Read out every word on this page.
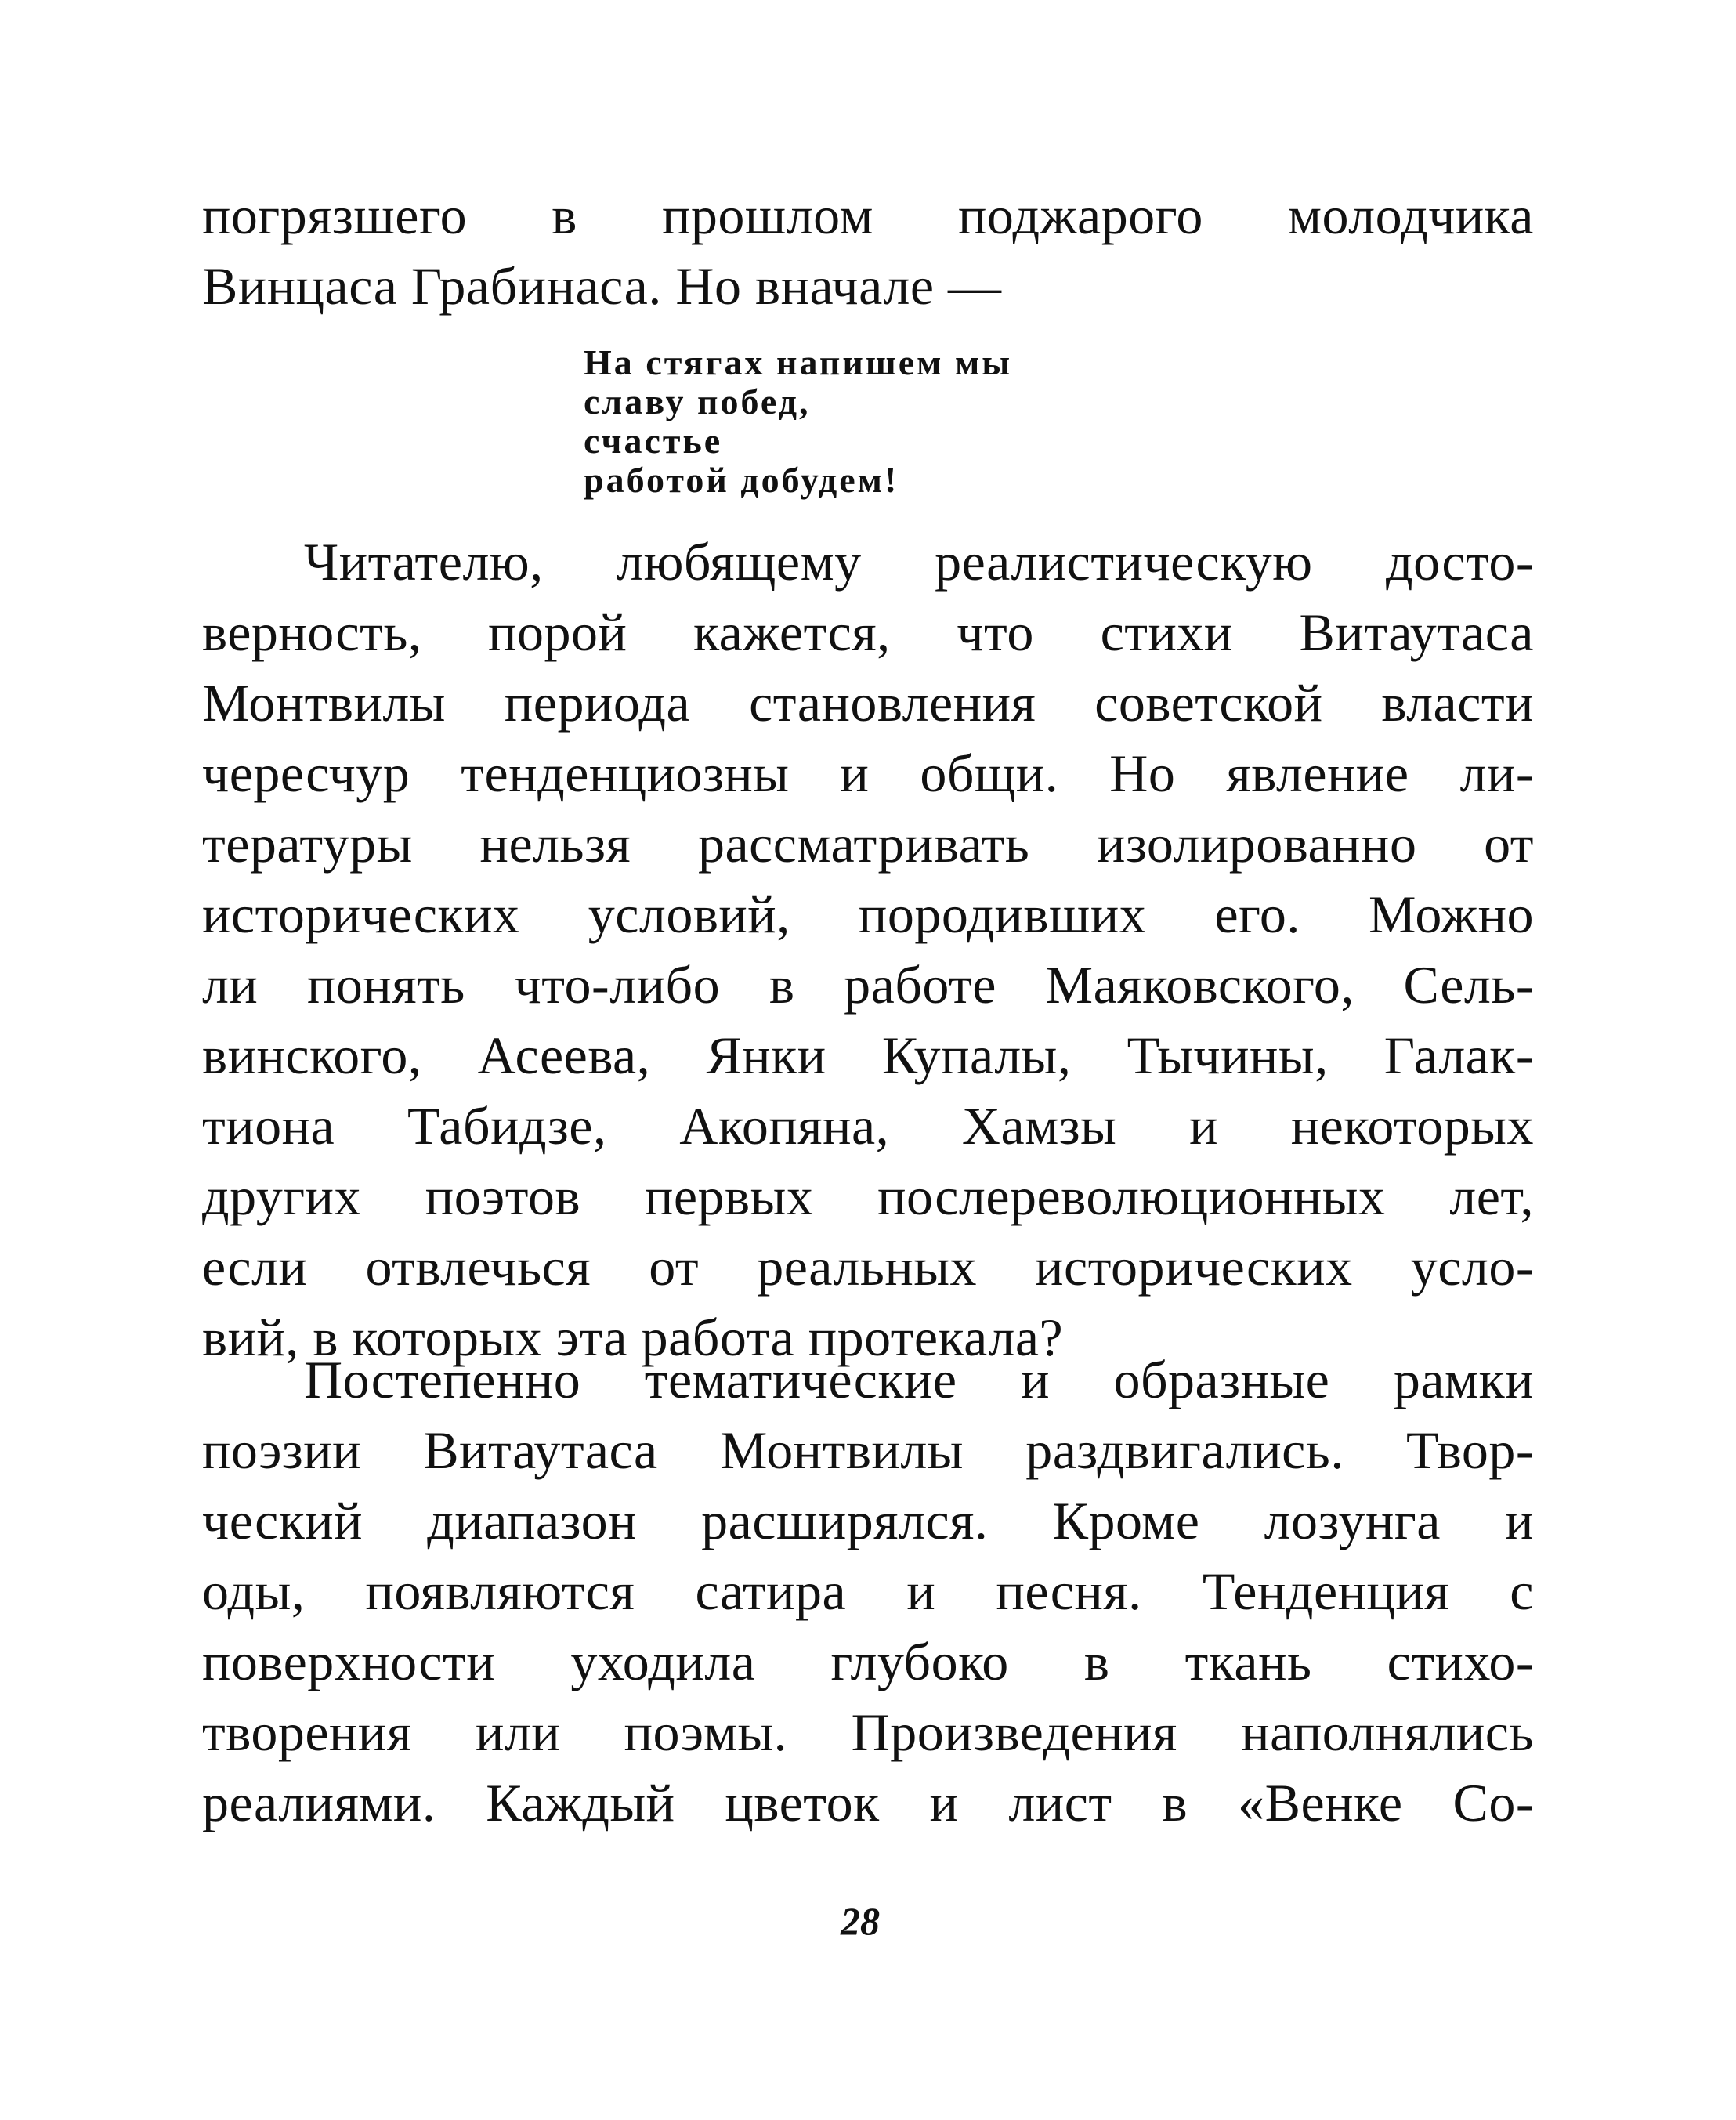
погрязшего в прошлом поджарого молодчика
Винцаса Грабинаса. Но вначале —
На стягах напишем мы
славу побед,
счастье
работой добудем!
Читателю, любящему реалистическую досто-
верность, порой кажется, что стихи Витаутаса
Монтвилы периода становления советской власти
чересчур тенденциозны и общи. Но явление ли-
тературы нельзя рассматривать изолированно от
исторических условий, породивших его. Можно
ли понять что-либо в работе Маяковского, Сель-
винского, Асеева, Янки Купалы, Тычины, Галак-
тиона Табидзе, Акопяна, Хамзы и некоторых
других поэтов первых послереволюционных лет,
если отвлечься от реальных исторических усло-
вий, в которых эта работа протекала?
Постепенно тематические и образные рамки
поэзии Витаутаса Монтвилы раздвигались. Твор-
ческий диапазон расширялся. Кроме лозунга и
оды, появляются сатира и песня. Тенденция с
поверхности уходила глубоко в ткань стихо-
творения или поэмы. Произведения наполнялись
реалиями. Каждый цветок и лист в «Венке Со-
28
